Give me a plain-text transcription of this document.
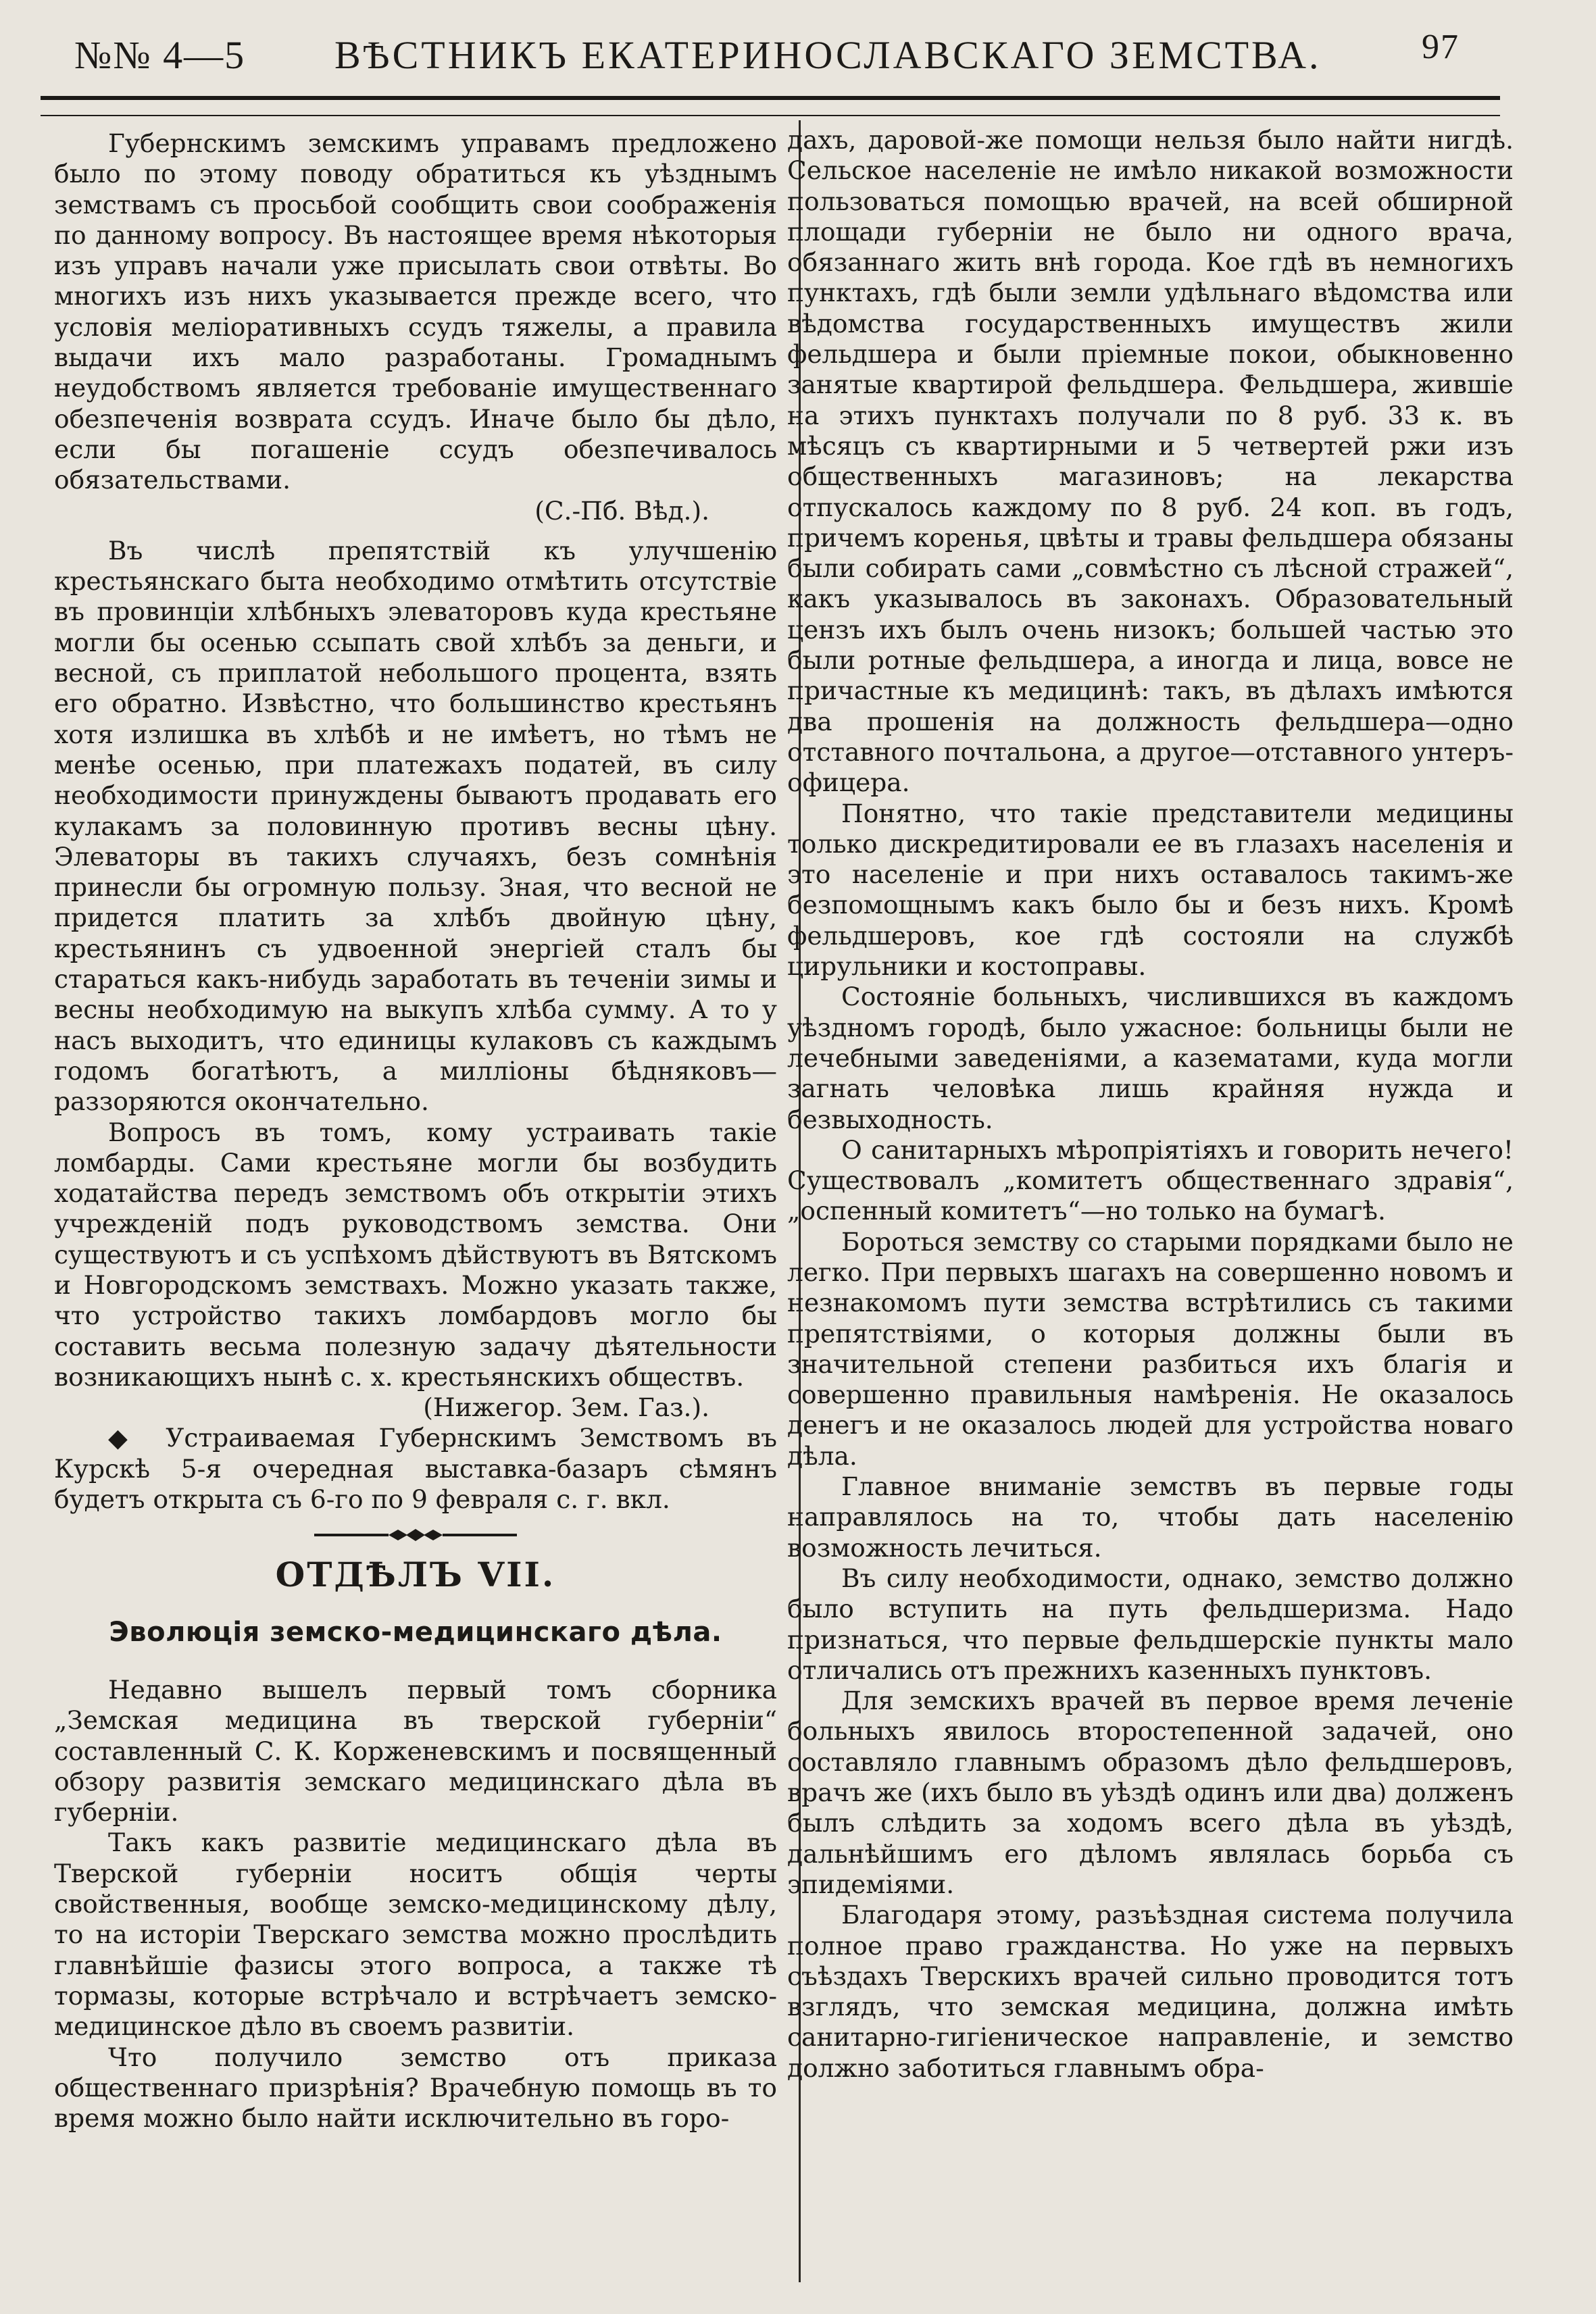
№№ 4—5 ВѢСТНИКЪ ЕКАТЕРИНОСЛАВСКАГО ЗЕМСТВА.	97

Губернскимъ земскимъ управамъ предложено было по этому поводу обратиться къ уѣзднымъ земствамъ съ просьбой сообщить свои соображенія по данному вопросу. Въ настоящее время нѣкоторыя изъ управъ начали уже присылать свои отвѣты. Во многихъ изъ нихъ указывается прежде всего, что условія меліоративныхъ ссудъ тяжелы, а правила выдачи ихъ мало разработаны. Громаднымъ неудобствомъ является требованіе имущественнаго обезпеченія возврата ссудъ. Иначе было бы дѣло, если бы погашеніе ссудъ обезпечивалось обязательствами.

(С.-Пб. Вѣд.).

Въ числѣ препятствій къ улучшенію крестьянскаго быта необходимо отмѣтить отсутствіе въ провинціи хлѣбныхъ элеваторовъ куда крестьяне могли бы осенью ссыпать свой хлѣбъ за деньги, и весной, съ приплатой небольшого процента, взять его обратно. Извѣстно, что большинство крестьянъ хотя излишка въ хлѣбѣ и не имѣетъ, но тѣмъ не менѣе осенью, при платежахъ податей, въ силу необходимости принуждены бываютъ продавать его кулакамъ за половинную противъ весны цѣну. Элеваторы въ такихъ случаяхъ, безъ сомнѣнія принесли бы огромную пользу. Зная, что весной не придется платить за хлѣбъ двойную цѣну, крестьянинъ съ удвоенной энергіей сталъ бы стараться какъ-нибудь заработать въ теченіи зимы и весны необходимую на выкупъ хлѣба сумму. А то у насъ выходитъ, что единицы кулаковъ съ каждымъ годомъ богатѣютъ, а милліоны бѣдняковъ—раззоряются окончательно.

Вопросъ въ томъ, кому устраивать такіе ломбарды. Сами крестьяне могли бы возбудить ходатайства передъ земствомъ объ открытіи этихъ учрежденій подъ руководствомъ земства. Они существуютъ и съ успѣхомъ дѣйствуютъ въ Вятскомъ и Новгородскомъ земствахъ. Можно указать также, что устройство такихъ ломбардовъ могло бы составить весьма полезную задачу дѣятельности возникающихъ нынѣ с. х. крестьянскихъ обществъ.

(Нижегор. Зем. Газ.).

◆ Устраиваемая Губернскимъ Земствомъ въ Курскѣ 5-я очередная выставка-базаръ сѣмянъ будетъ открыта съ 6-го по 9 февраля с. г. вкл.

ОТДѢЛЪ VII.
Эволюція земско-медицинскаго дѣла.

Недавно вышелъ первый томъ сборника „Земская медицина въ тверской губерніи“ составленный С. К. Корженевскимъ и посвященный обзору развитія земскаго медицинскаго дѣла въ губерніи.

Такъ какъ развитіе медицинскаго дѣла въ Тверской губерніи носитъ общія черты свойственныя, вообще земско-медицинскому дѣлу, то на исторіи Тверскаго земства можно прослѣдить главнѣйшіе фазисы этого вопроса, а также тѣ тормазы, которые встрѣчало и встрѣчаетъ земско-медицинское дѣло въ своемъ развитіи.

Что получило земство отъ приказа общественнаго призрѣнія? Врачебную помощь въ то время можно было найти исключительно въ горо-

дахъ, даровой-же помощи нельзя было найти нигдѣ. Сельское населеніе не имѣло никакой возможности пользоваться помощью врачей, на всей обширной площади губерніи не было ни одного врача, обязаннаго жить внѣ города. Кое гдѣ въ немногихъ пунктахъ, гдѣ были земли удѣльнаго вѣдомства или вѣдомства государственныхъ имуществъ жили фельдшера и были пріемные покои, обыкновенно занятые квартирой фельдшера. Фельдшера, жившіе на этихъ пунктахъ получали по 8 руб. 33 к. въ мѣсяцъ съ квартирными и 5 четвертей ржи изъ общественныхъ магазиновъ; на лекарства отпускалось каждому по 8 руб. 24 коп. въ годъ, причемъ коренья, цвѣты и травы фельдшера обязаны были собирать сами „совмѣстно съ лѣсной стражей“, какъ указывалось въ законахъ. Образовательный цензъ ихъ былъ очень низокъ; большей частью это были ротные фельдшера, а иногда и лица, вовсе не причастные къ медицинѣ: такъ, въ дѣлахъ имѣются два прошенія на должность фельдшера—одно отставного почтальона, а другое—отставного унтеръ-офицера.

Понятно, что такіе представители медицины только дискредитировали ее въ глазахъ населенія и это населеніе и при нихъ оставалось такимъ-же безпомощнымъ какъ было бы и безъ нихъ. Кромѣ фельдшеровъ, кое гдѣ состояли на службѣ цирульники и костоправы.

Состояніе больныхъ, числившихся въ каждомъ уѣздномъ городѣ, было ужасное: больницы были не лечебными заведеніями, а казематами, куда могли загнать человѣка лишь крайняя нужда и безвыходность.

О санитарныхъ мѣропріятіяхъ и говорить нечего! Существовалъ „комитетъ общественнаго здравія“, „оспенный комитетъ“—но только на бумагѣ.

Бороться земству со старыми порядками было не легко. При первыхъ шагахъ на совершенно новомъ и незнакомомъ пути земства встрѣтились съ такими препятствіями, о которыя должны были въ значительной степени разбиться ихъ благія и совершенно правильныя намѣренія. Не оказалось денегъ и не оказалось людей для устройства новаго дѣла.

Главное вниманіе земствъ въ первые годы направлялось на то, чтобы дать населенію возможность лечиться.

Въ силу необходимости, однако, земство должно было вступить на путь фельдшеризма. Надо признаться, что первые фельдшерскіе пункты мало отличались отъ прежнихъ казенныхъ пунктовъ.

Для земскихъ врачей въ первое время леченіе больныхъ явилось второстепенной задачей, оно составляло главнымъ образомъ дѣло фельдшеровъ, врачъ же (ихъ было въ уѣздѣ одинъ или два) долженъ былъ слѣдить за ходомъ всего дѣла въ уѣздѣ, дальнѣйшимъ его дѣломъ являлась борьба съ эпидеміями.

Благодаря этому, разъѣздная система получила полное право гражданства. Но уже на первыхъ съѣздахъ Тверскихъ врачей сильно проводится тотъ взглядъ, что земская медицина, должна имѣть санитарно-гигіеническое направленіе, и земство должно заботиться главнымъ обра-
